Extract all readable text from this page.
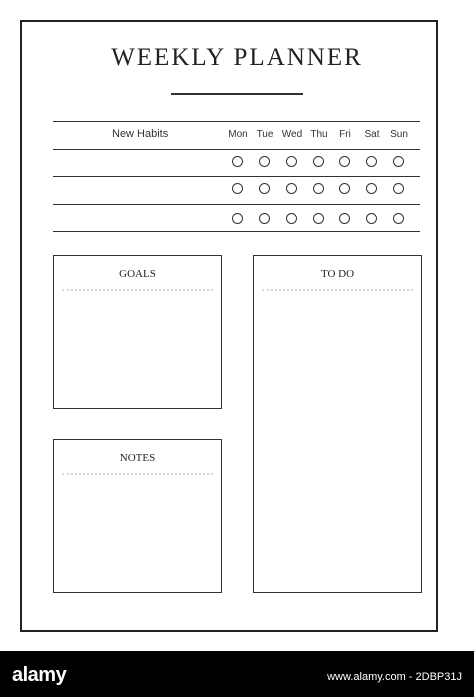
WEEKLY PLANNER
New Habits	Mon Tue Wed Thu	Fri	Sat	Sun
GOALS
NOTES
TO DO
alamy	www.alamy.com - 2DBP31J
